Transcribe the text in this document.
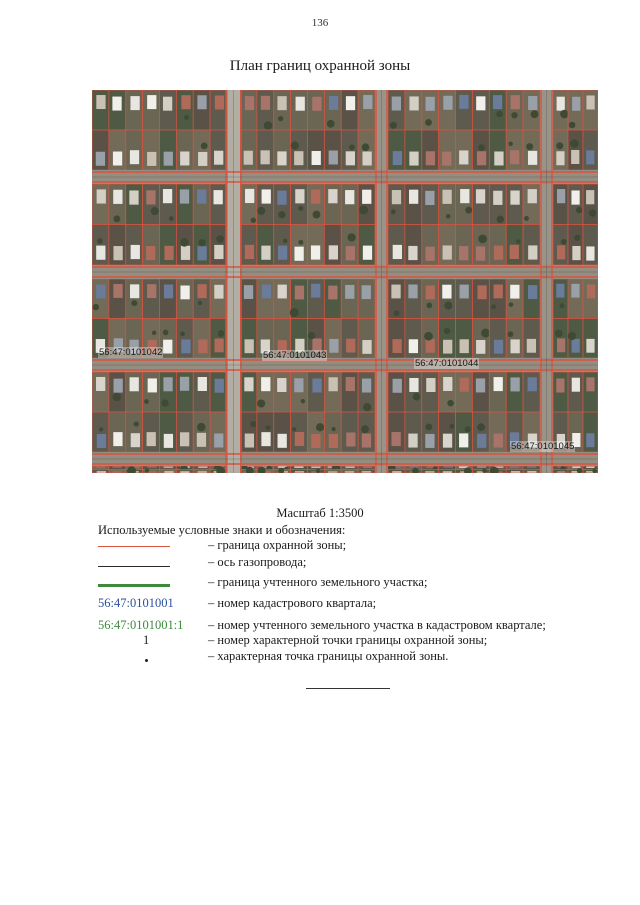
136
План границ охранной зоны
56:47:0101042	56:47:0101043
56:47:0101044
56:47:0101045
Масштаб 1:3500
Используемые условные знаки и обозначения:
– граница охранной зоны;
– ось газопровода;
– граница учтенного земельного участка;
56:47:0101001	– номер кадастрового квартала;
56:47:0101001:1	– номер учтенного земельного участка в кадастровом квартале;
1	– номер характерной точки границы охранной зоны;
– характерная точка границы охранной зоны.
